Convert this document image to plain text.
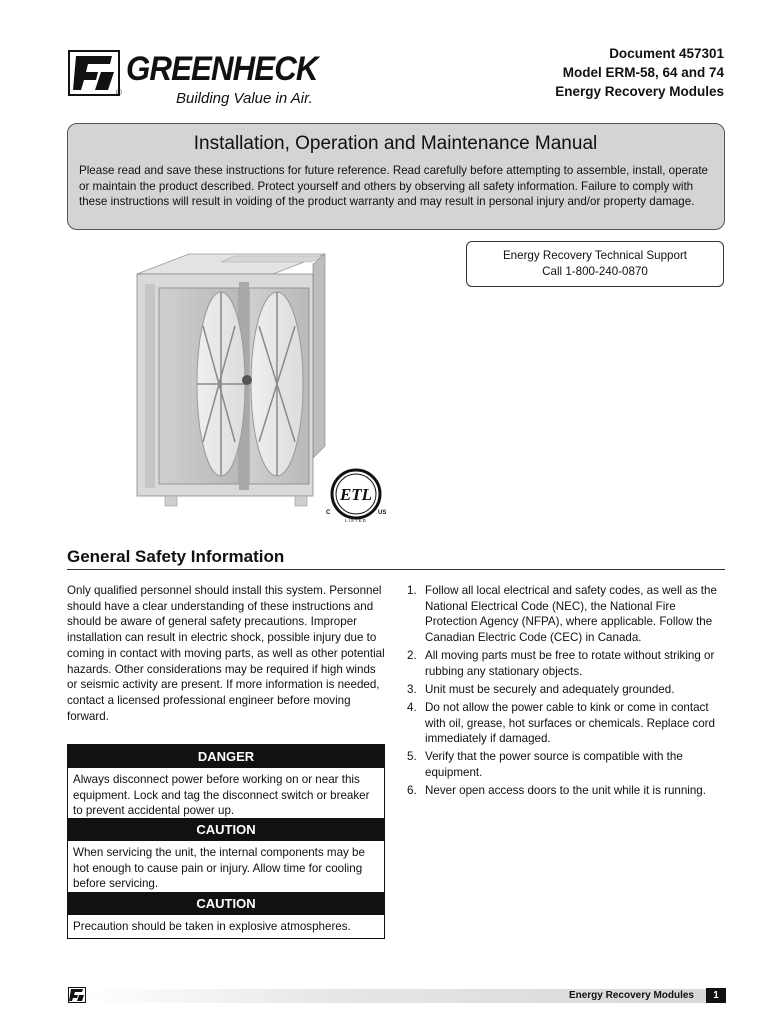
GREENHECK
®	Building Value in Air.
Document 457301
Model ERM-58, 64 and 74
Energy Recovery Modules
Installation, Operation and Maintenance Manual

Please read and save these instructions for future reference. Read carefully before attempting to assemble, install, operate or maintain the product described. Protect yourself and others by observing all safety information. Failure to comply with these instructions will result in voiding of the product warranty and may result in personal injury and/or property damage.

Energy Recovery Technical Support
Call 1-800-240-0870
ETL
C	US
LISTED
General Safety Information

Only qualified personnel should install this system. Personnel should have a clear understanding of these instructions and should be aware of general safety precautions. Improper installation can result in electric shock, possible injury due to coming in contact with moving parts, as well as other potential hazards. Other considerations may be required if high winds or seismic activity are present. If more information is needed, contact a licensed professional engineer before moving forward.

DANGER
Always disconnect power before working on or near this equipment. Lock and tag the disconnect switch or breaker to prevent accidental power up.
CAUTION
When servicing the unit, the internal components may be hot enough to cause pain or injury. Allow time for cooling before servicing.
CAUTION
Precaution should be taken in explosive atmospheres.
1. Follow all local electrical and safety codes, as well as the National Electrical Code (NEC), the National Fire Protection Agency (NFPA), where applicable. Follow the Canadian Electric Code (CEC) in Canada.
2. All moving parts must be free to rotate without striking or rubbing any stationary objects.
3. Unit must be securely and adequately grounded.
4. Do not allow the power cable to kink or come in contact with oil, grease, hot surfaces or chemicals. Replace cord immediately if damaged.
5. Verify that the power source is compatible with the equipment.
6. Never open access doors to the unit while it is running.
Energy Recovery Modules	1
